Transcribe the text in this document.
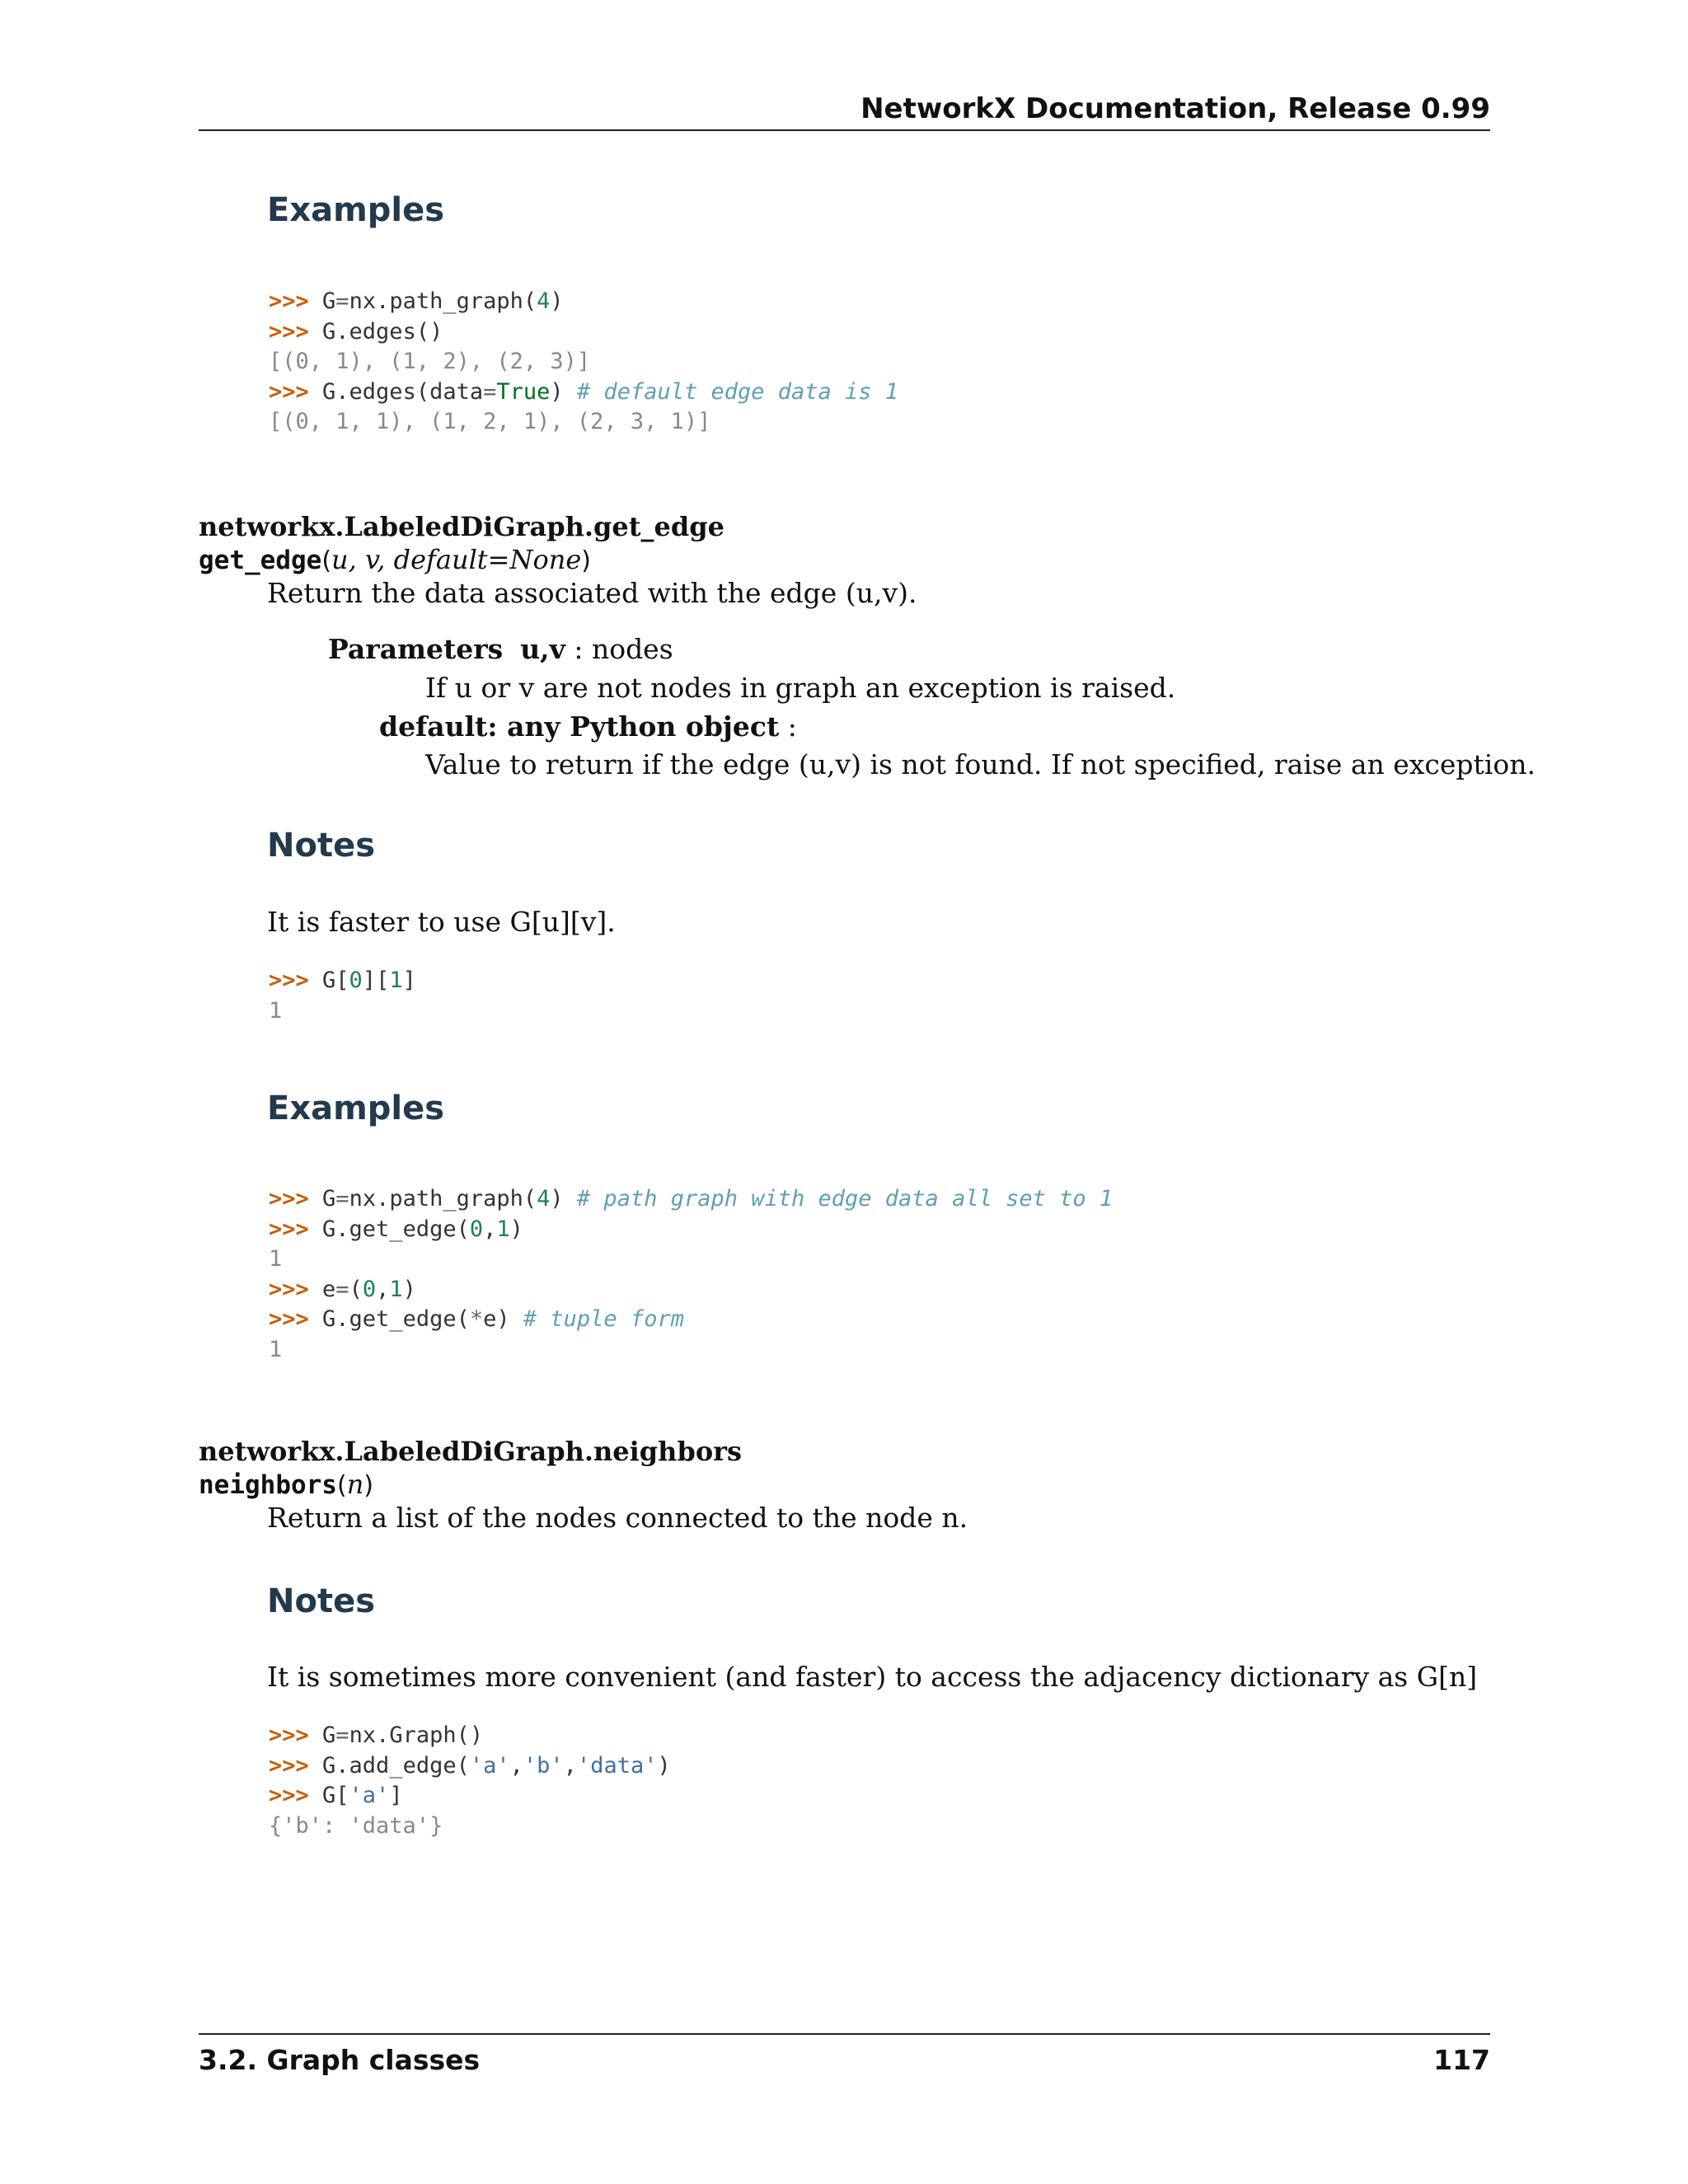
NetworkX Documentation, Release 0.99
Examples
>>> G=nx.path_graph(4)
>>> G.edges()
[(0, 1), (1, 2), (2, 3)]
>>> G.edges(data=True) # default edge data is 1
[(0, 1, 1), (1, 2, 1), (2, 3, 1)]
networkx.LabeledDiGraph.get_edge
get_edge(u, v, default=None)
Return the data associated with the edge (u,v).
Parameters u,v : nodes
If u or v are not nodes in graph an exception is raised.
default: any Python object :
Value to return if the edge (u,v) is not found. If not specified, raise an exception.
Notes
It is faster to use G[u][v].
>>> G[0][1]
1
Examples
>>> G=nx.path_graph(4) # path graph with edge data all set to 1
>>> G.get_edge(0,1)
1
>>> e=(0,1)
>>> G.get_edge(*e) # tuple form
1
networkx.LabeledDiGraph.neighbors
neighbors(n)
Return a list of the nodes connected to the node n.
Notes
It is sometimes more convenient (and faster) to access the adjacency dictionary as G[n]
>>> G=nx.Graph()
>>> G.add_edge('a','b','data')
>>> G['a']
{'b': 'data'}
3.2. Graph classes	117
